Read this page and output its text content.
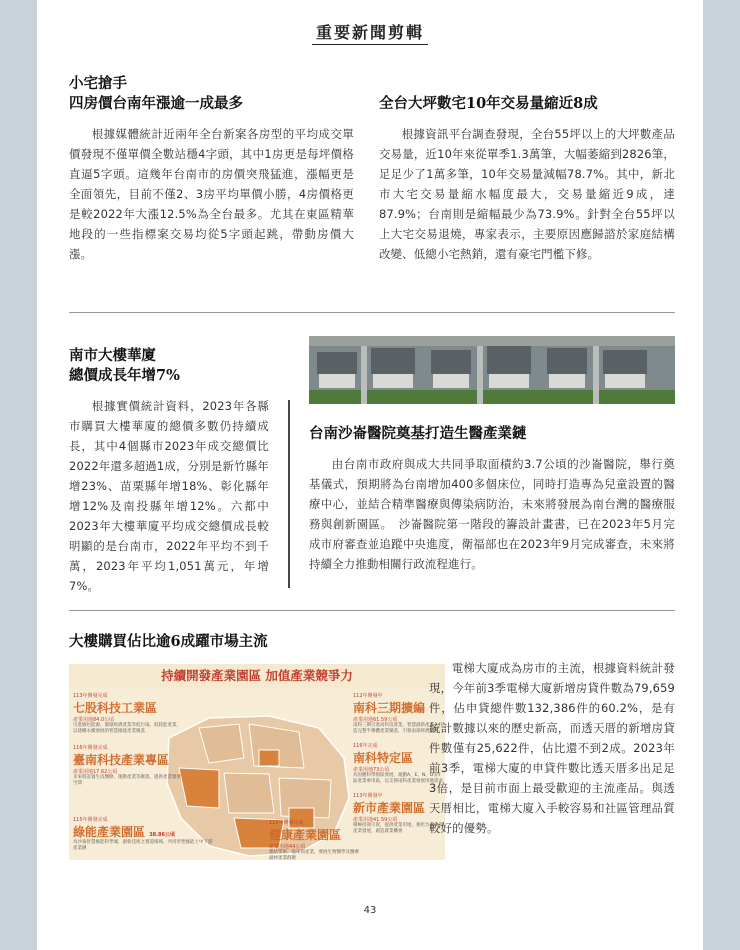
重要新聞剪輯
小宅搶手
四房價台南年漲逾一成最多
根據媒體統計近兩年全台新案各房型的平均成交單價發現不僅單價全數站穩4字頭，其中1房更是每坪價格直逼5字頭。這幾年台南市的房價突飛猛進，漲幅更是全面領先，目前不僅2、3房平均單價小勝，4房價格更是較2022年大漲12.5%為全台最多。尤其在東區精華地段的一些指標案交易均從5字頭起跳，帶動房價大漲。
全台大坪數宅10年交易量縮近8成
根據資訊平台調查發現，全台55坪以上的大坪數產品交易量，近10年來從單季1.3萬筆，大幅萎縮到2826筆，足足少了1萬多筆，10年交易量減幅78.7%。其中，新北市大宅交易量縮水幅度最大，交易量縮近9成，達87.9%；台南則是縮幅最少為73.9%。針對全台55坪以上大宅交易退燒，專家表示，主要原因應歸諮於家庭結構改變、低總小宅熱銷，還有豪宅門檻下修。
南市大樓華廈
總價成長年增7%
根據實價統計資料，2023年各縣市購買大樓華廈的總價多數仍持續成長，其中4個縣市2023年成交總價比2022年還多超過1成，分別是新竹縣年增23%、苗栗縣年增18%、彰化縣年增12%及南投縣年增12%。六都中2023年大樓華廈平均成交總價成長較明顯的是台南市，2022年平均不到千萬，2023年平均1,051萬元，年增7%。
台南沙崙醫院奠基打造生醫產業鏈
由台南市政府與成大共同爭取面積約3.7公頃的沙崙醫院，舉行奠基儀式，預期將為台南增加400多個床位，同時打造專為兒童設置的醫療中心，並結合精準醫療與傳染病防治，未來將發展為南台灣的醫療服務與創新園區。　沙崙醫院第一階段的籌設計畫書，已在2023年5月完成市府審查並追蹤中央進度，衛福部也在2023年9月完成審查，未來將持續全力推動相關行政流程進行。
大樓購買佔比逾6成躍市場主流
持續開發產業園區 加值產業競爭力
113年開發完成
七股科技工業區
產業用地84.0公頃
引進綠色能源、循環經濟產業等低污染、低耗能產業，以建構永續發展的智慧綠能產業聚落
116年開發完成
臺南科技產業專區
產業用地17.62公頃
未來將設置生技醫療、運動產業等聚落，提供產業發展空間
115年開發完成
綠能產業園區 38.86公頃
為沙崙智慧綠能科學城，創新技術之實證場域，共同形塑綠能上中下游產業鏈
112年開發中
南科三期擴編
產業用地61.59公頃
南科三期引進高科技產業，智慧創新產業，打造完整半導體產業聚落，引領南部經濟發展
116年完成
南科特定區
產業用地73公頃
為因應科學園區發展，規劃A、E、N、O等7區產業專用區，以支援南科產業發展用地需求
113年開發中
新市產業園區
產業用地41.59公頃
積極招商引資，提供產業用地，強化台南北部產業發展，創造就業機會
115年開發完成
健康產業園區
產業用地44公頃
連結學術、臨床與產業，發展生物醫學及醫療器材產業群聚
電梯大廈成為房市的主流，根據資料統計發現，今年前3季電梯大廈新增房貸件數為79,659件，佔申貸總件數132,386件的60.2%，是有統計數據以來的歷史新高，而透天厝的新增房貸件數僅有25,622件，佔比還不到2成。2023年前3季，電梯大廈的申貸件數比透天厝多出足足3倍，是目前市面上最受歡迎的主流產品。與透天厝相比，電梯大廈入手較容易和社區管理品質較好的優勢。
43
